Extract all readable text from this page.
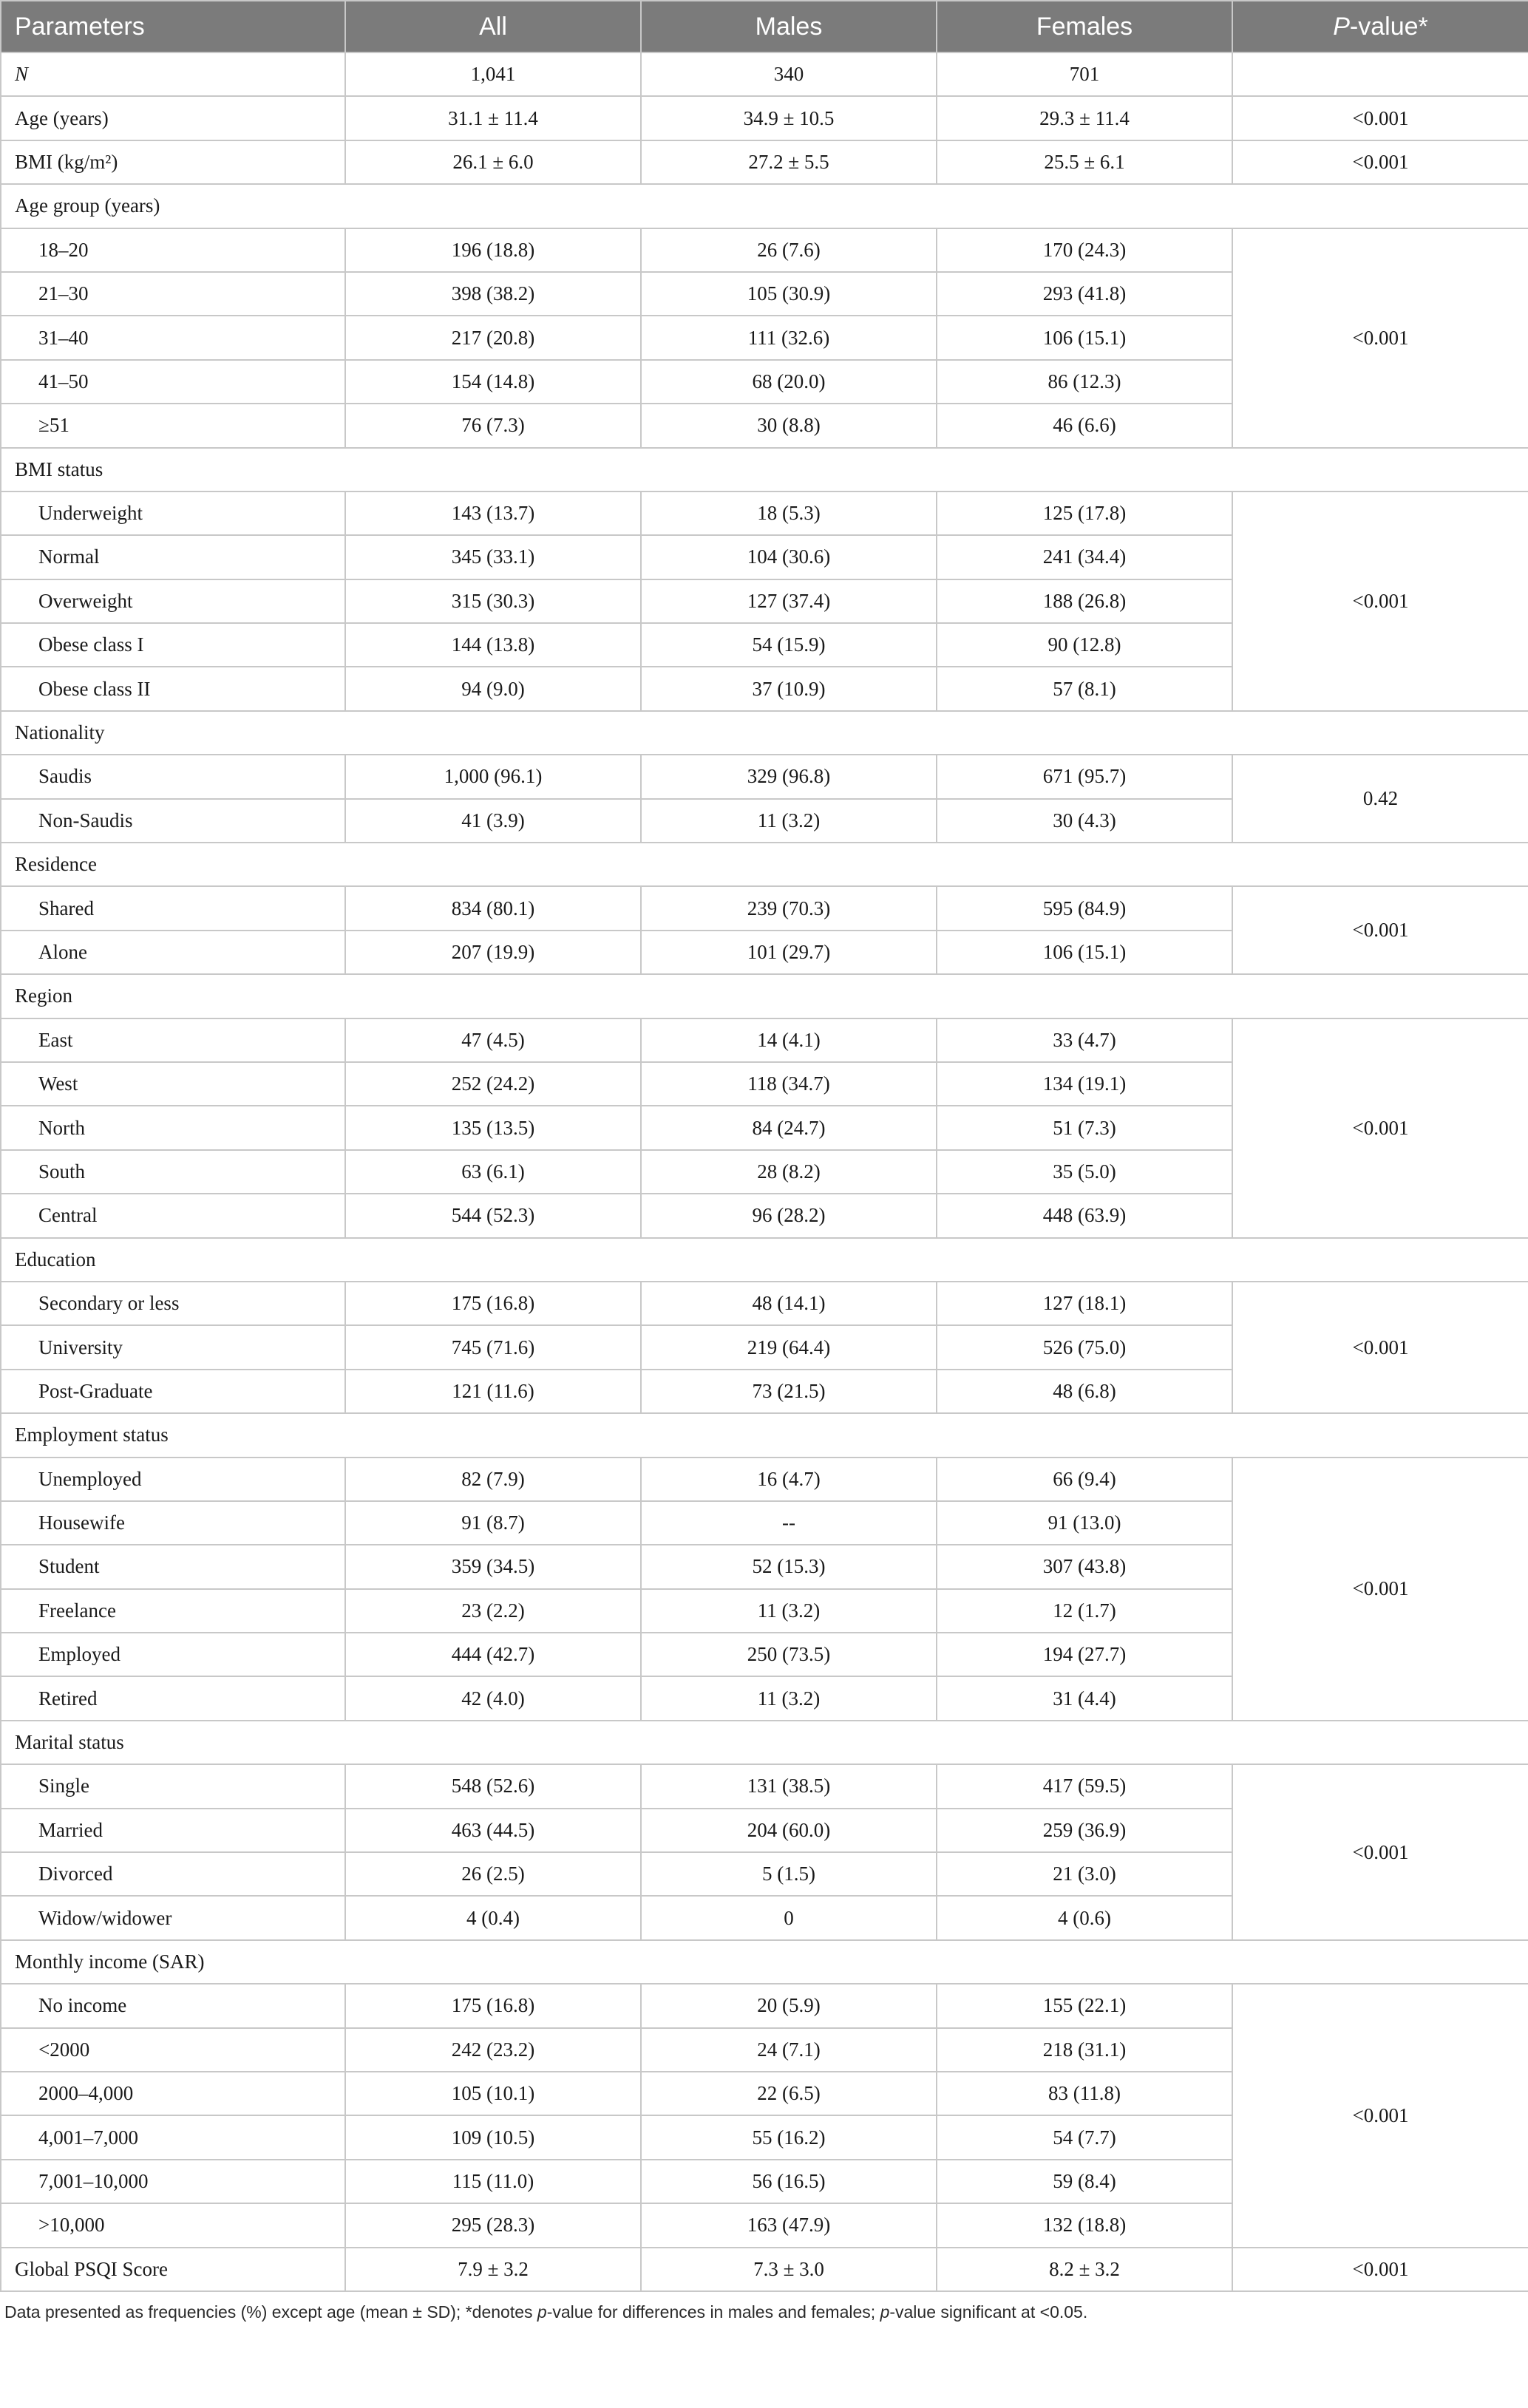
Parameters	All	Males	Females	P-value*
N	1,041	340	701	
Age (years)	31.1 ± 11.4	34.9 ± 10.5	29.3 ± 11.4	<0.001
BMI (kg/m²)	26.1 ± 6.0	27.2 ± 5.5	25.5 ± 6.1	<0.001
Age group (years)				
18–20	196 (18.8)	26 (7.6)	170 (24.3)	<0.001
21–30	398 (38.2)	105 (30.9)	293 (41.8)	
31–40	217 (20.8)	111 (32.6)	106 (15.1)	
41–50	154 (14.8)	68 (20.0)	86 (12.3)	
≥51	76 (7.3)	30 (8.8)	46 (6.6)	
BMI status				
Underweight	143 (13.7)	18 (5.3)	125 (17.8)	<0.001
Normal	345 (33.1)	104 (30.6)	241 (34.4)	
Overweight	315 (30.3)	127 (37.4)	188 (26.8)	
Obese class I	144 (13.8)	54 (15.9)	90 (12.8)	
Obese class II	94 (9.0)	37 (10.9)	57 (8.1)	
Nationality				
Saudis	1,000 (96.1)	329 (96.8)	671 (95.7)	0.42
Non-Saudis	41 (3.9)	11 (3.2)	30 (4.3)	
Residence				
Shared	834 (80.1)	239 (70.3)	595 (84.9)	<0.001
Alone	207 (19.9)	101 (29.7)	106 (15.1)	
Region				
East	47 (4.5)	14 (4.1)	33 (4.7)	<0.001
West	252 (24.2)	118 (34.7)	134 (19.1)	
North	135 (13.5)	84 (24.7)	51 (7.3)	
South	63 (6.1)	28 (8.2)	35 (5.0)	
Central	544 (52.3)	96 (28.2)	448 (63.9)	
Education				
Secondary or less	175 (16.8)	48 (14.1)	127 (18.1)	<0.001
University	745 (71.6)	219 (64.4)	526 (75.0)	
Post-Graduate	121 (11.6)	73 (21.5)	48 (6.8)	
Employment status				
Unemployed	82 (7.9)	16 (4.7)	66 (9.4)	<0.001
Housewife	91 (8.7)	--	91 (13.0)	
Student	359 (34.5)	52 (15.3)	307 (43.8)	
Freelance	23 (2.2)	11 (3.2)	12 (1.7)	
Employed	444 (42.7)	250 (73.5)	194 (27.7)	
Retired	42 (4.0)	11 (3.2)	31 (4.4)	
Marital status				
Single	548 (52.6)	131 (38.5)	417 (59.5)	<0.001
Married	463 (44.5)	204 (60.0)	259 (36.9)	
Divorced	26 (2.5)	5 (1.5)	21 (3.0)	
Widow/widower	4 (0.4)	0	4 (0.6)	
Monthly income (SAR)				
No income	175 (16.8)	20 (5.9)	155 (22.1)	<0.001
<2000	242 (23.2)	24 (7.1)	218 (31.1)	
2000–4,000	105 (10.1)	22 (6.5)	83 (11.8)	
4,001–7,000	109 (10.5)	55 (16.2)	54 (7.7)	
7,001–10,000	115 (11.0)	56 (16.5)	59 (8.4)	
>10,000	295 (28.3)	163 (47.9)	132 (18.8)	
Global PSQI Score	7.9 ± 3.2	7.3 ± 3.0	8.2 ± 3.2	<0.001
Data presented as frequencies (%) except age (mean ± SD); *denotes p-value for differences in males and females; p-value significant at <0.05.
